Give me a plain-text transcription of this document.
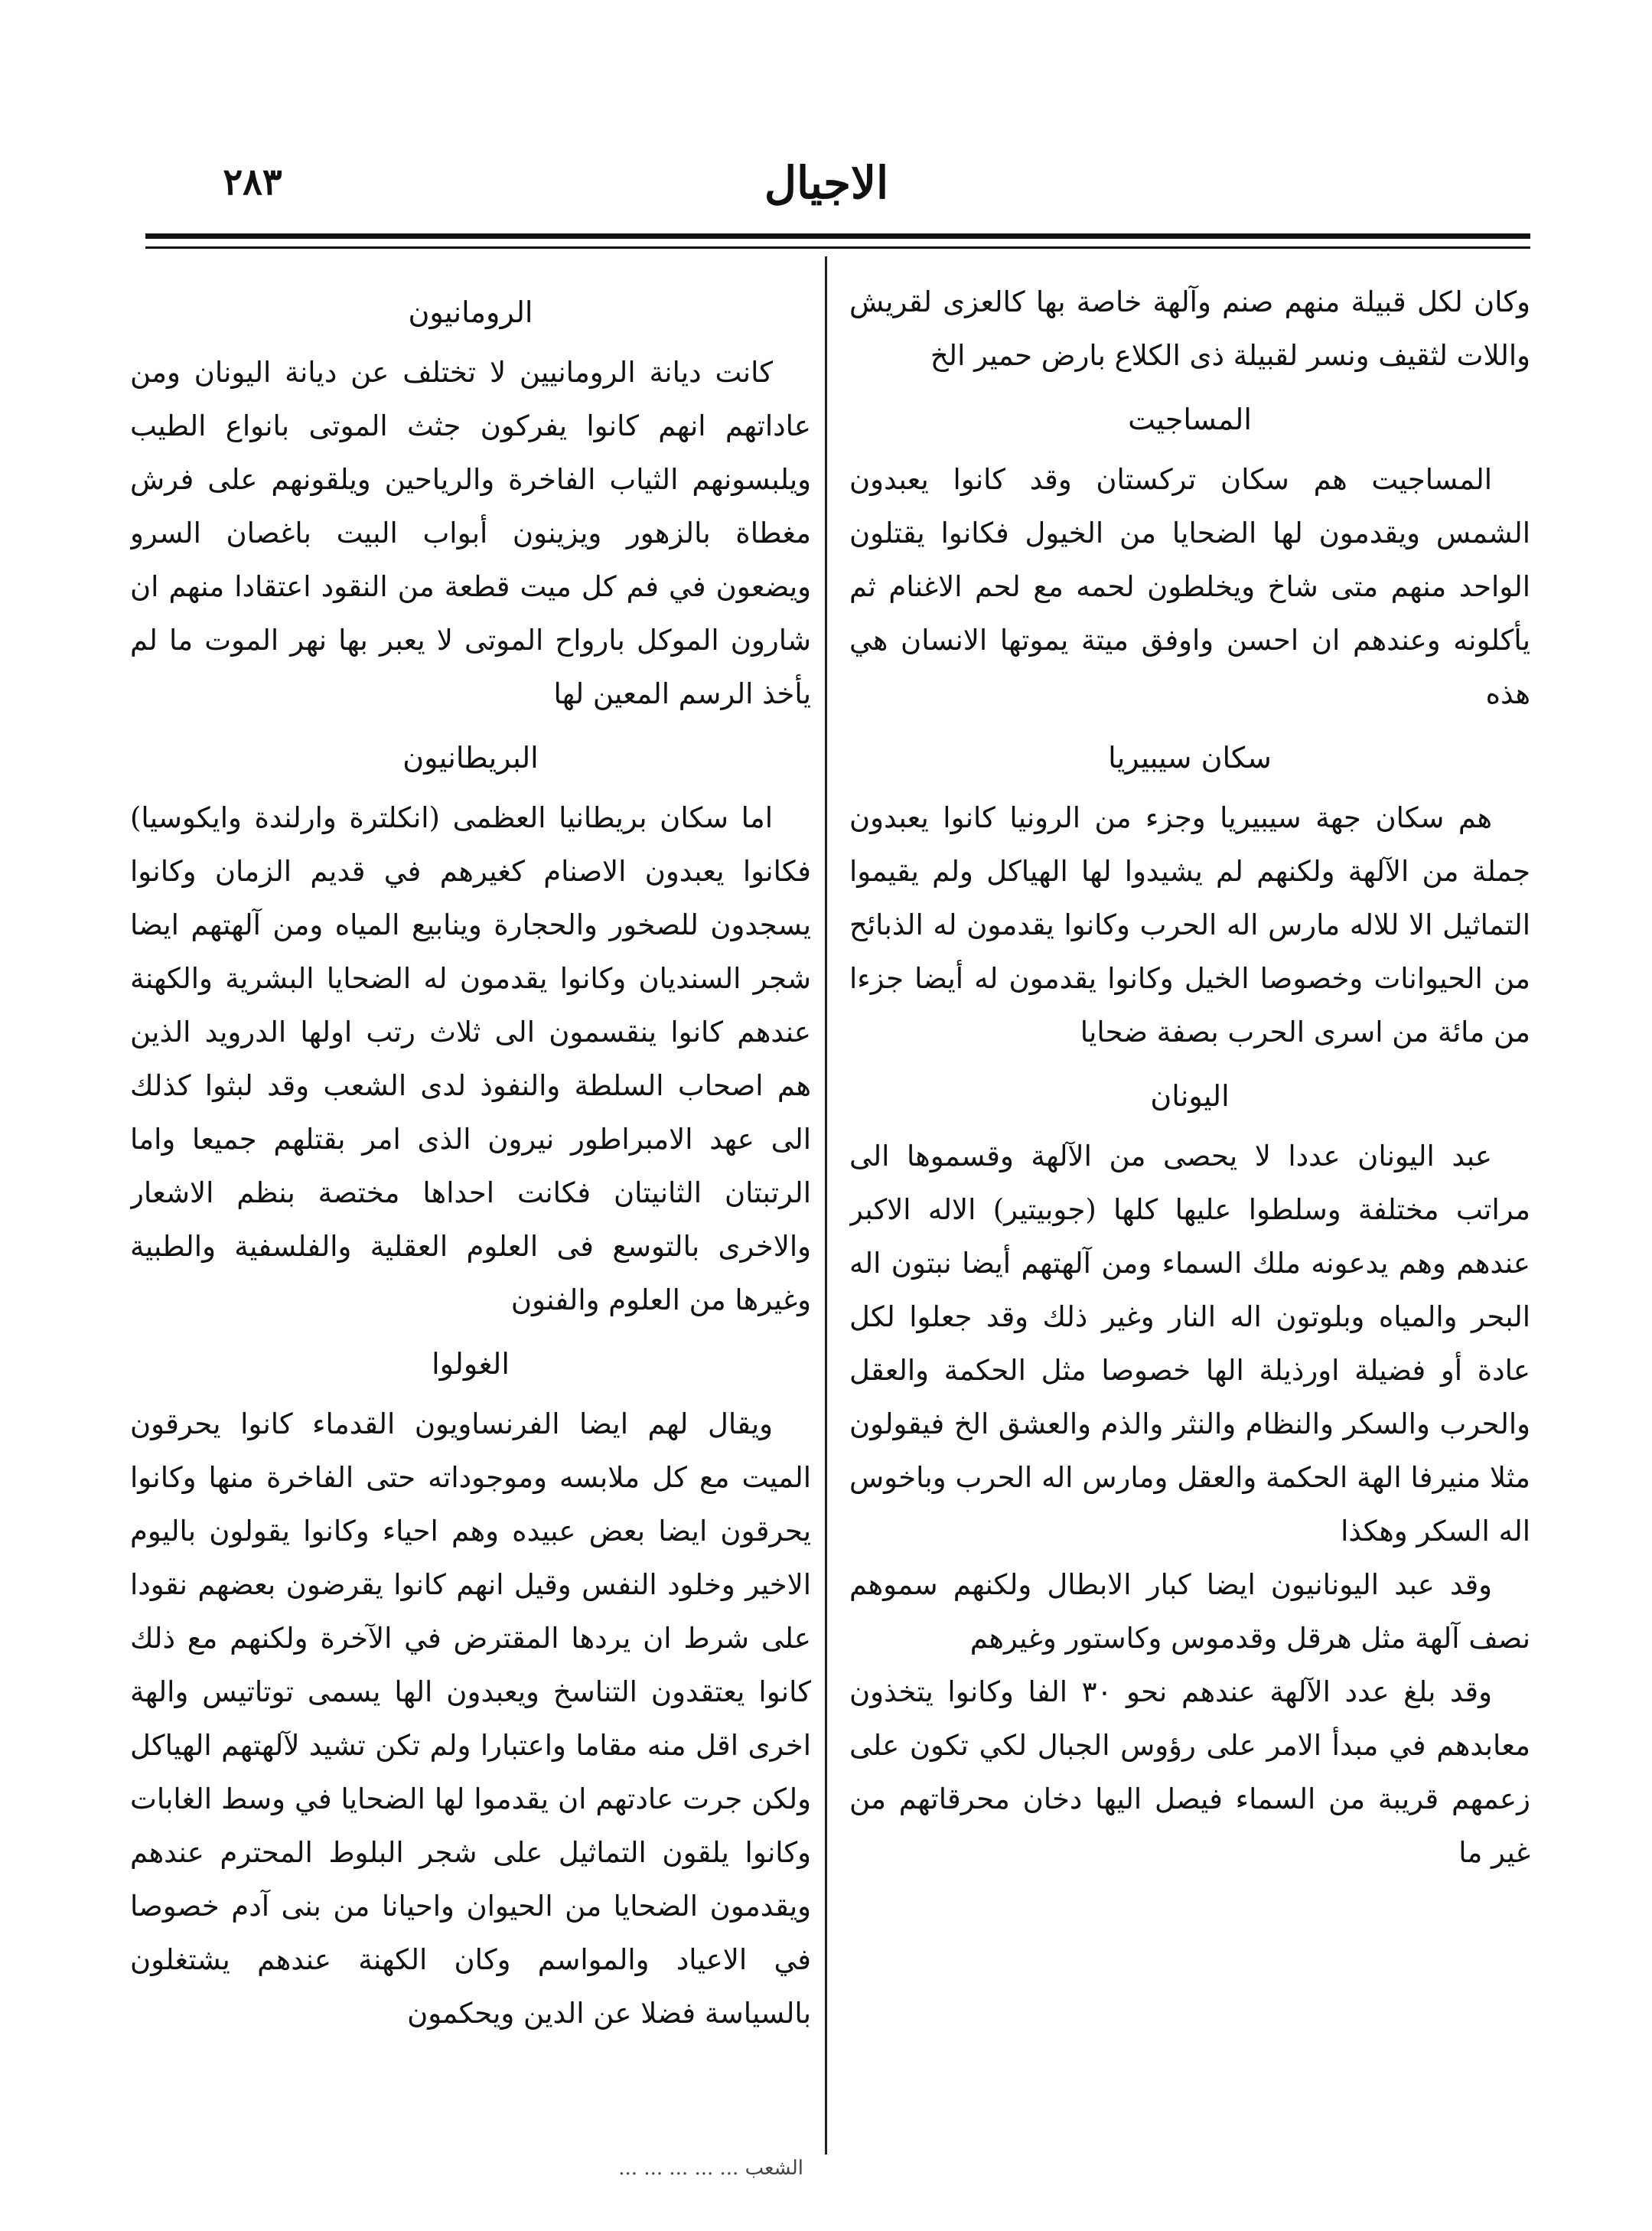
الاجيال
٢٨٣

وكان لكل قبيلة منهم صنم وآلهة خاصة بها كالعزى لقريش واللات لثقيف ونسر لقبيلة ذى الكلاع بارض حمير الخ

المساجيت

المساجيت هم سكان تركستان وقد كانوا يعبدون الشمس ويقدمون لها الضحايا من الخيول فكانوا يقتلون الواحد منهم متى شاخ ويخلطون لحمه مع لحم الاغنام ثم يأكلونه وعندهم ان احسن واوفق ميتة يموتها الانسان هي هذه

سكان سيبيريا

هم سكان جهة سيبيريا وجزء من الرونيا كانوا يعبدون جملة من الآلهة ولكنهم لم يشيدوا لها الهياكل ولم يقيموا التماثيل الا للاله مارس اله الحرب وكانوا يقدمون له الذبائح من الحيوانات وخصوصا الخيل وكانوا يقدمون له أيضا جزءا من مائة من اسرى الحرب بصفة ضحايا

اليونان

عبد اليونان عددا لا يحصى من الآلهة وقسموها الى مراتب مختلفة وسلطوا عليها كلها (جوبيتير) الاله الاكبر عندهم وهم يدعونه ملك السماء ومن آلهتهم أيضا نبتون اله البحر والمياه وبلوتون اله النار وغير ذلك وقد جعلوا لكل عادة أو فضيلة اورذيلة الها خصوصا مثل الحكمة والعقل والحرب والسكر والنظام والنثر والذم والعشق الخ فيقولون مثلا منيرفا الهة الحكمة والعقل ومارس اله الحرب وباخوس اله السكر وهكذا

وقد عبد اليونانيون ايضا كبار الابطال ولكنهم سموهم نصف آلهة مثل هرقل وقدموس وكاستور وغيرهم

وقد بلغ عدد الآلهة عندهم نحو ٣٠ الفا وكانوا يتخذون معابدهم في مبدأ الامر على رؤوس الجبال لكي تكون على زعمهم قريبة من السماء فيصل اليها دخان محرقاتهم من غير ما

الرومانيون

كانت ديانة الرومانيين لا تختلف عن ديانة اليونان ومن عاداتهم انهم كانوا يفركون جثث الموتى بانواع الطيب ويلبسونهم الثياب الفاخرة والرياحين ويلقونهم على فرش مغطاة بالزهور ويزينون أبواب البيت باغصان السرو ويضعون في فم كل ميت قطعة من النقود اعتقادا منهم ان شارون الموكل بارواح الموتى لا يعبر بها نهر الموت ما لم يأخذ الرسم المعين لها

البريطانيون

اما سكان بريطانيا العظمى (انكلترة وارلندة وايكوسيا) فكانوا يعبدون الاصنام كغيرهم في قديم الزمان وكانوا يسجدون للصخور والحجارة وينابيع المياه ومن آلهتهم ايضا شجر السنديان وكانوا يقدمون له الضحايا البشرية والكهنة عندهم كانوا ينقسمون الى ثلاث رتب اولها الدرويد الذين هم اصحاب السلطة والنفوذ لدى الشعب وقد لبثوا كذلك الى عهد الامبراطور نيرون الذى امر بقتلهم جميعا واما الرتبتان الثانيتان فكانت احداها مختصة بنظم الاشعار والاخرى بالتوسع فى العلوم العقلية والفلسفية والطبية وغيرها من العلوم والفنون

الغولوا

ويقال لهم ايضا الفرنساويون القدماء كانوا يحرقون الميت مع كل ملابسه وموجوداته حتى الفاخرة منها وكانوا يحرقون ايضا بعض عبيده وهم احياء وكانوا يقولون باليوم الاخير وخلود النفس وقيل انهم كانوا يقرضون بعضهم نقودا على شرط ان يردها المقترض في الآخرة ولكنهم مع ذلك كانوا يعتقدون التناسخ ويعبدون الها يسمى توتاتيس والهة اخرى اقل منه مقاما واعتبارا ولم تكن تشيد لآلهتهم الهياكل ولكن جرت عادتهم ان يقدموا لها الضحايا في وسط الغابات وكانوا يلقون التماثيل على شجر البلوط المحترم عندهم ويقدمون الضحايا من الحيوان واحيانا من بنى آدم خصوصا في الاعياد والمواسم وكان الكهنة عندهم يشتغلون بالسياسة فضلا عن الدين ويحكمون

الشعب ... ... ... ... ...
